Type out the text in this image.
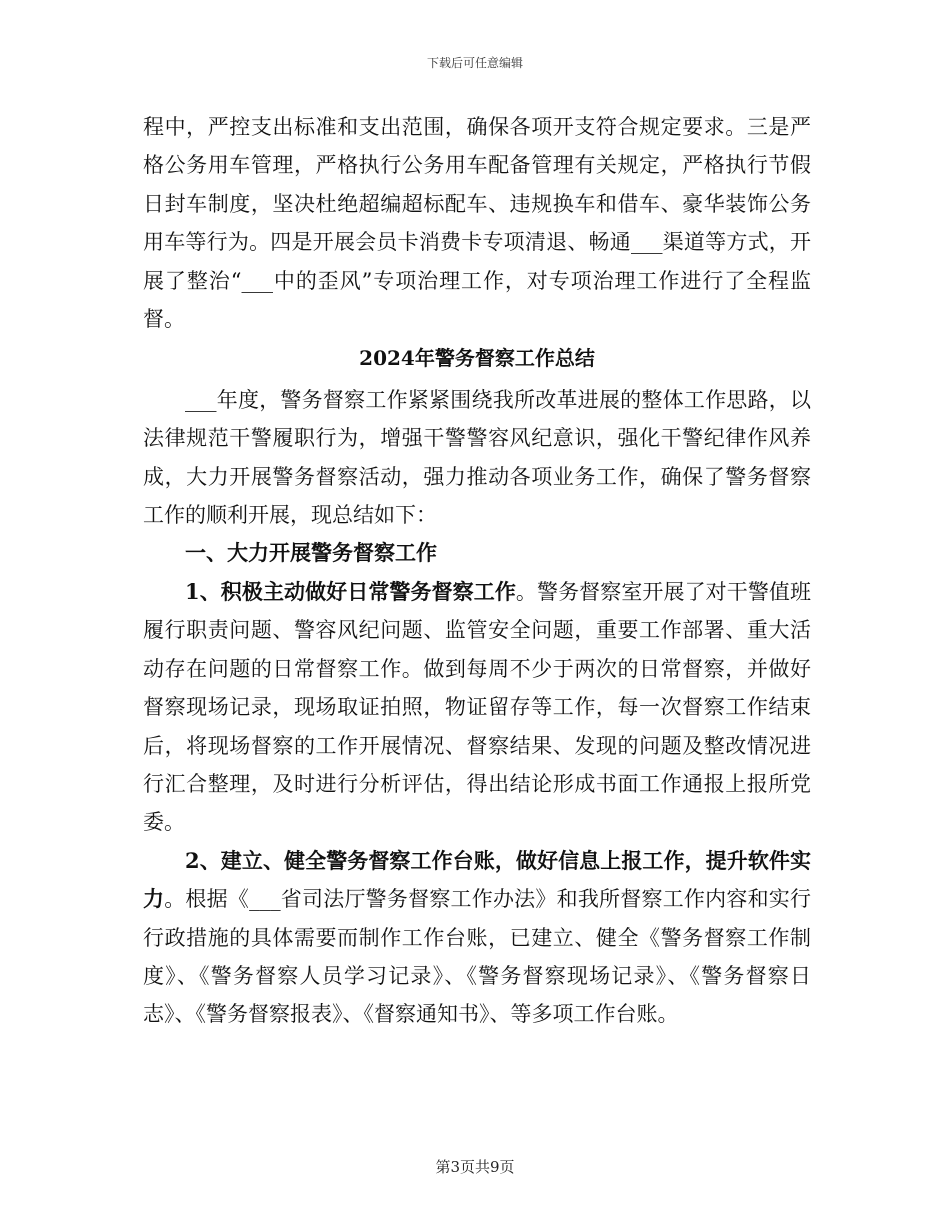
下载后可任意编辑

程中，严控支出标准和支出范围，确保各项开支符合规定要求。三是严格公务用车管理，严格执行公务用车配备管理有关规定，严格执行节假日封车制度，坚决杜绝超编超标配车、违规换车和借车、豪华装饰公务用车等行为。四是开展会员卡消费卡专项清退、畅通___渠道等方式，开展了整治“___中的歪风”专项治理工作，对专项治理工作进行了全程监督。

2024年警务督察工作总结

___年度，警务督察工作紧紧围绕我所改革进展的整体工作思路，以法律规范干警履职行为，增强干警警容风纪意识，强化干警纪律作风养成，大力开展警务督察活动，强力推动各项业务工作，确保了警务督察工作的顺利开展，现总结如下：

一、大力开展警务督察工作

1、积极主动做好日常警务督察工作。警务督察室开展了对干警值班履行职责问题、警容风纪问题、监管安全问题，重要工作部署、重大活动存在问题的日常督察工作。做到每周不少于两次的日常督察，并做好督察现场记录，现场取证拍照，物证留存等工作，每一次督察工作结束后，将现场督察的工作开展情况、督察结果、发现的问题及整改情况进行汇合整理，及时进行分析评估，得出结论形成书面工作通报上报所党委。

2、建立、健全警务督察工作台账，做好信息上报工作，提升软件实力。根据《___省司法厅警务督察工作办法》和我所督察工作内容和实行行政措施的具体需要而制作工作台账，已建立、健全《警务督察工作制度》、《警务督察人员学习记录》、《警务督察现场记录》、《警务督察日志》、《警务督察报表》、《督察通知书》、等多项工作台账。

第3页共9页
